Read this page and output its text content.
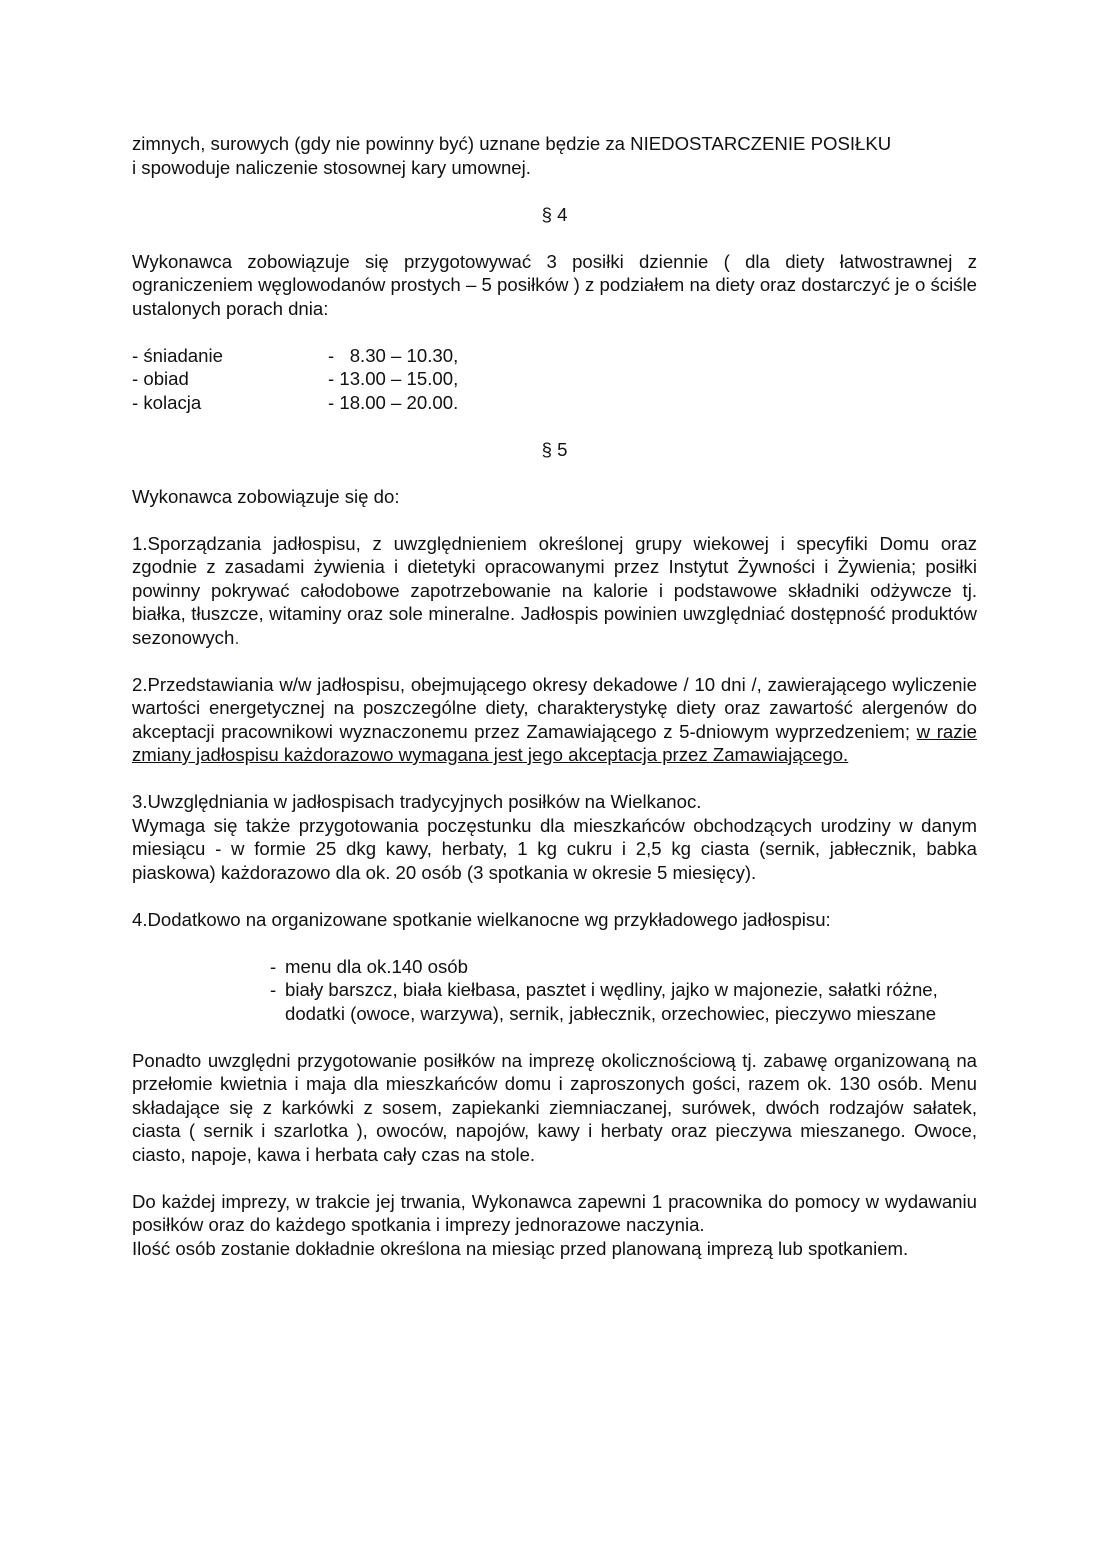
zimnych, surowych (gdy nie powinny być) uznane będzie za NIEDOSTARCZENIE POSIŁKU

i spowoduje naliczenie stosownej kary umownej.

§ 4

Wykonawca zobowiązuje się przygotowywać 3 posiłki dziennie ( dla diety łatwostrawnej z ograniczeniem węglowodanów prostych – 5 posiłków ) z podziałem na diety oraz dostarczyć je o ściśle ustalonych porach dnia:

- śniadanie	-   8.30 – 10.30,
- obiad	- 13.00 – 15.00,
- kolacja	- 18.00 – 20.00.

§ 5

Wykonawca zobowiązuje się do:

1.Sporządzania jadłospisu, z uwzględnieniem określonej grupy wiekowej i specyfiki Domu oraz zgodnie z zasadami żywienia i dietetyki opracowanymi przez Instytut Żywności i Żywienia; posiłki powinny pokrywać całodobowe zapotrzebowanie na kalorie i podstawowe składniki odżywcze tj. białka, tłuszcze, witaminy oraz sole mineralne. Jadłospis powinien uwzględniać dostępność produktów sezonowych.

2.Przedstawiania w/w jadłospisu, obejmującego okresy dekadowe / 10 dni /, zawierającego wyliczenie wartości energetycznej na poszczególne diety, charakterystykę diety oraz zawartość alergenów do akceptacji pracownikowi wyznaczonemu przez Zamawiającego z 5-dniowym wyprzedzeniem; w razie zmiany jadłospisu każdorazowo wymagana jest jego akceptacja przez Zamawiającego.

3.Uwzględniania w jadłospisach tradycyjnych posiłków na Wielkanoc.

Wymaga się także przygotowania poczęstunku dla mieszkańców obchodzących urodziny w danym miesiącu - w formie 25 dkg kawy, herbaty, 1 kg cukru i 2,5 kg ciasta (sernik, jabłecznik, babka piaskowa) każdorazowo dla ok. 20 osób (3 spotkania w okresie 5 miesięcy).

4.Dodatkowo na organizowane spotkanie wielkanocne wg przykładowego jadłospisu:

- menu dla ok.140 osób
- biały barszcz, biała kiełbasa, pasztet i wędliny, jajko w majonezie, sałatki różne, dodatki (owoce, warzywa), sernik, jabłecznik, orzechowiec, pieczywo mieszane

Ponadto uwzględni przygotowanie posiłków na imprezę okolicznościową tj. zabawę organizowaną na przełomie kwietnia i maja dla mieszkańców domu i zaproszonych gości, razem ok. 130 osób. Menu składające się z karkówki z sosem, zapiekanki ziemniaczanej, surówek, dwóch rodzajów sałatek, ciasta ( sernik i szarlotka ), owoców, napojów, kawy i herbaty oraz pieczywa mieszanego. Owoce, ciasto, napoje, kawa i herbata cały czas na stole.

Do każdej imprezy, w trakcie jej trwania, Wykonawca zapewni 1 pracownika do pomocy w wydawaniu posiłków oraz do każdego spotkania i imprezy jednorazowe naczynia.

Ilość osób zostanie dokładnie określona na miesiąc przed planowaną imprezą lub spotkaniem.
